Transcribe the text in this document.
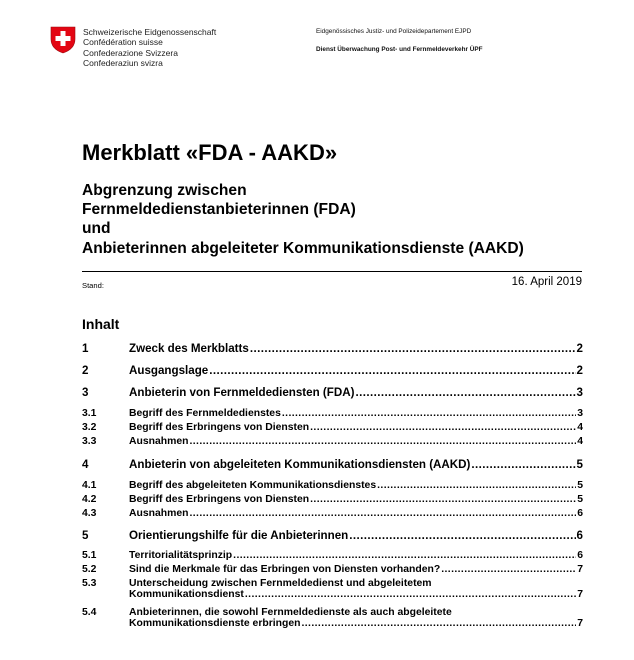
Schweizerische Eidgenossenschaft
Confédération suisse
Confederazione Svizzera
Confederaziun svizra
Eidgenössisches Justiz- und Polizeidepartement EJPD
Dienst Überwachung Post- und Fernmeldeverkehr ÜPF
Merkblatt «FDA - AAKD»
Abgrenzung zwischen
Fernmeldedienstanbieterinnen (FDA)
und
Anbieterinnen abgeleiteter Kommunikationsdienste (AAKD)
Stand:	16. April 2019
Inhalt
1	Zweck des Merkblatts .....	2
2	Ausgangslage .....	2
3	Anbieterin von Fernmeldediensten (FDA) .....	3
3.1	Begriff des Fernmeldedienstes .....	3
3.2	Begriff des Erbringens von Diensten .....	4
3.3	Ausnahmen .....	4
4	Anbieterin von abgeleiteten Kommunikationsdiensten (AAKD) .....	5
4.1	Begriff des abgeleiteten Kommunikationsdienstes .....	5
4.2	Begriff des Erbringens von Diensten .....	5
4.3	Ausnahmen .....	6
5	Orientierungshilfe für die Anbieterinnen .....	6
5.1	Territorialitätsprinzip .....	6
5.2	Sind die Merkmale für das Erbringen von Diensten vorhanden? .....	7
5.3	Unterscheidung zwischen Fernmeldedienst und abgeleitetem
Kommunikationsdienst .....	7
5.4	Anbieterinnen, die sowohl Fernmeldedienste als auch abgeleitete
Kommunikationsdienste erbringen .....	7
